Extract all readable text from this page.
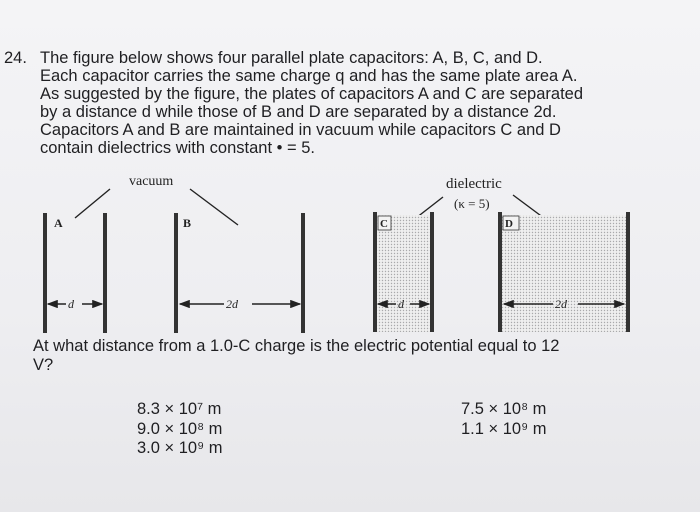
24. The figure below shows four parallel plate capacitors: A, B, C, and D.
Each capacitor carries the same charge q and has the same plate area A.
As suggested by the figure, the plates of capacitors A and C are separated
by a distance d while those of B and D are separated by a distance 2d.
Capacitors A and B are maintained in vacuum while capacitors C and D
contain dielectrics with constant • = 5.
vacuum	dielectric
(κ = 5)
A
d
B
2d
C
d
D
2d
At what distance from a 1.0-C charge is the electric potential equal to 12
V?
8.3 × 10⁷ m
9.0 × 10⁸ m
3.0 × 10⁹ m
7.5 × 10⁸ m
1.1 × 10⁹ m
